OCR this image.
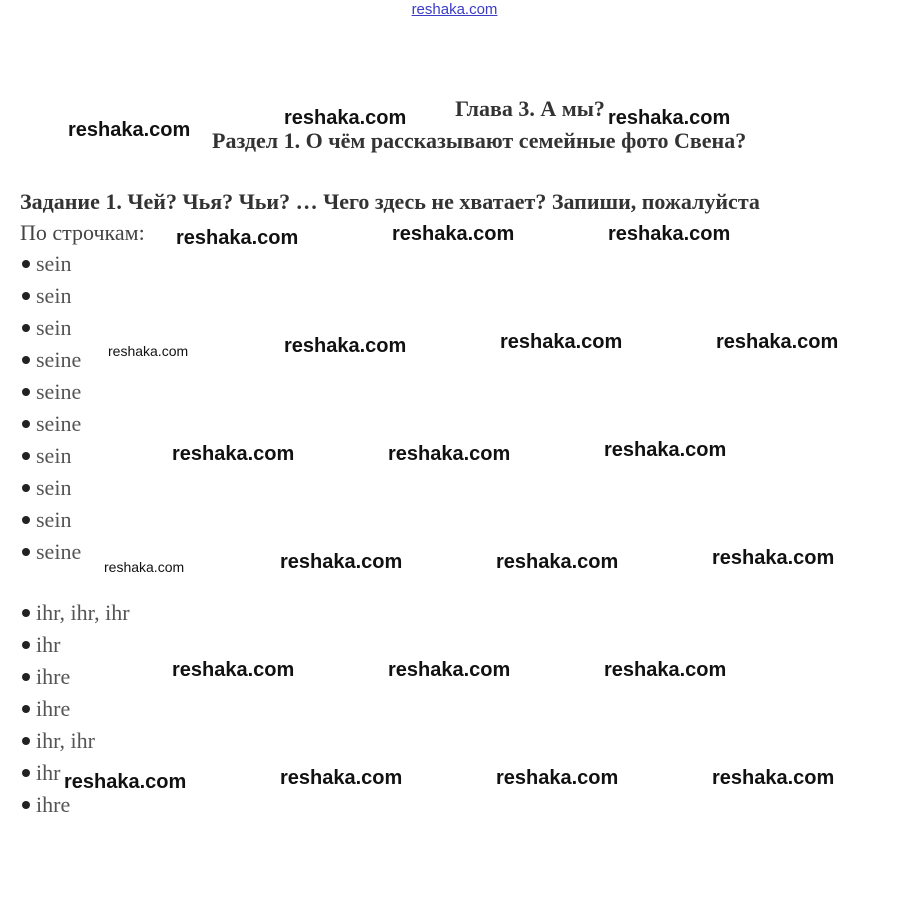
reshaka.com
Глава 3. А мы?
Раздел 1. О чём рассказывают семейные фото Свена?
Задание 1. Чей? Чья? Чьи? … Чего здесь не хватает? Запиши, пожалуйста
По строчкам:
sein
sein
sein
seine
seine
seine
sein
sein
sein
seine
ihr, ihr, ihr
ihr
ihre
ihre
ihr, ihr
ihr
ihre
reshaka.com
reshaka.com	reshaka.com
reshaka.com	reshaka.com	reshaka.com
reshaka.com	reshaka.com	reshaka.com	reshaka.com
reshaka.com	reshaka.com	reshaka.com
reshaka.com	reshaka.com	reshaka.com	reshaka.com
reshaka.com	reshaka.com	reshaka.com
reshaka.com	reshaka.com	reshaka.com	reshaka.com
